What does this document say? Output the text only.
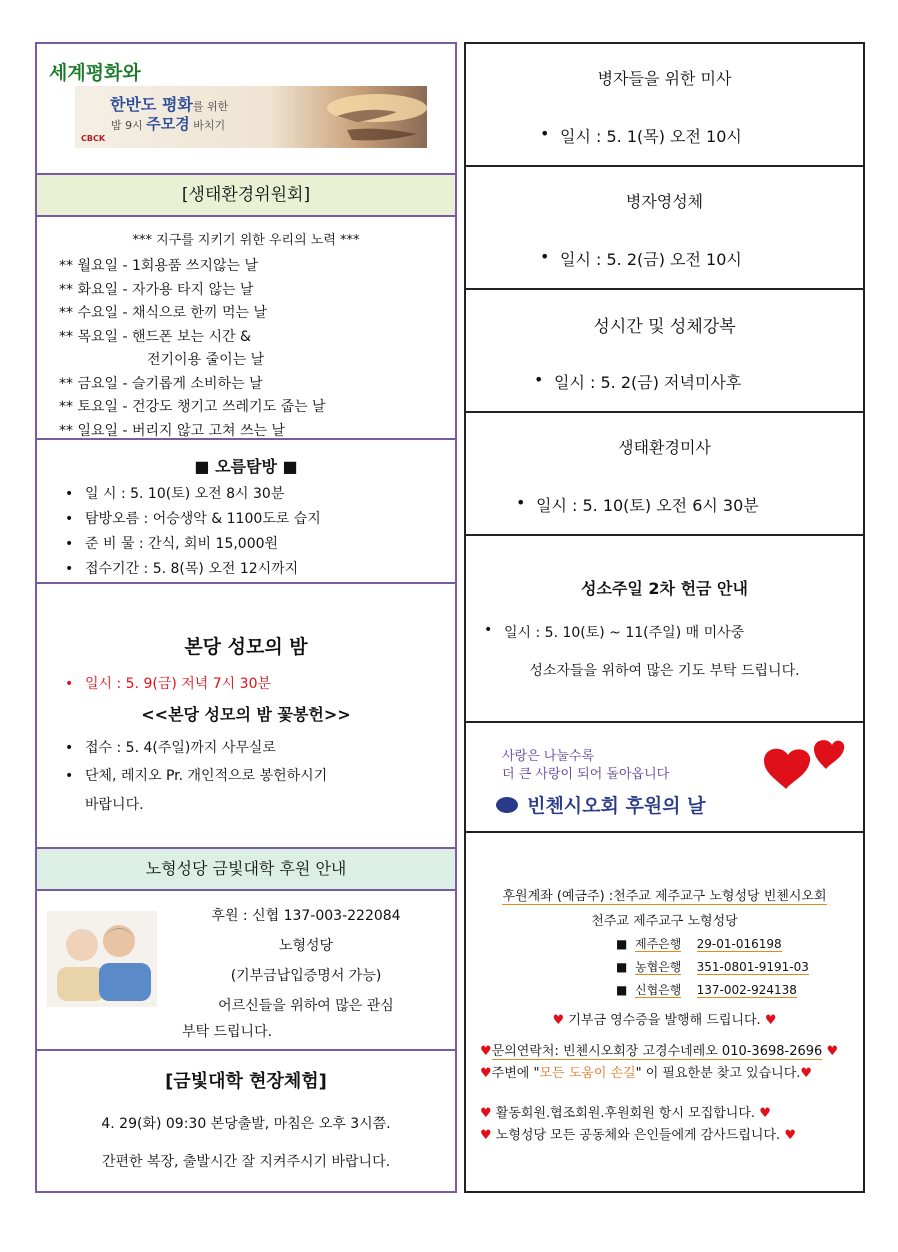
세계평화와
한반도 평화를 위한
밤 9시 주모경 바치기
CBCK
[생태환경위원회]
*** 지구를 지키기 위한 우리의 노력 ***
** 월요일 - 1회용품 쓰지않는 날
** 화요일 - 자가용 타지 않는 날
** 수요일 - 채식으로 한끼 먹는 날
** 목요일 - 핸드폰 보는 시간 &
전기이용 줄이는 날
** 금요일 - 슬기롭게 소비하는 날
** 토요일 - 건강도 챙기고 쓰레기도 줍는 날
** 일요일 - 버리지 않고 고쳐 쓰는 날
■ 오름탐방 ■
• 일 시 : 5. 10(토) 오전 8시 30분
• 탐방오름 : 어승생악 & 1100도로 습지
• 준 비 물 : 간식, 회비 15,000원
• 접수기간 : 5. 8(목) 오전 12시까지
본당 성모의 밤
• 일시 : 5. 9(금) 저녁 7시 30분
<<본당 성모의 밤 꽃봉헌>>
• 접수 : 5. 4(주일)까지 사무실로
• 단체, 레지오 Pr. 개인적으로 봉헌하시기
바랍니다.
노형성당 금빛대학 후원 안내
후원 : 신협 137-003-222084
노형성당
(기부금납입증명서 가능)
어르신들을 위하여 많은 관심
부탁 드립니다.
[금빛대학 현장체험]
4. 29(화) 09:30 본당출발, 마침은 오후 3시쯤.
간편한 복장, 출발시간 잘 지켜주시기 바랍니다.
병자들을 위한 미사
• 일시 : 5. 1(목) 오전 10시
병자영성체
• 일시 : 5. 2(금) 오전 10시
성시간 및 성체강복
• 일시 : 5. 2(금) 저녁미사후
생태환경미사
• 일시 : 5. 10(토) 오전 6시 30분
성소주일 2차 헌금 안내
• 일시 : 5. 10(토) ~ 11(주일) 매 미사중
성소자들을 위하여 많은 기도 부탁 드립니다.
사랑은 나눌수록
더 큰 사랑이 되어 돌아옵니다
빈첸시오회 후원의 날
후원계좌 (예금주) :천주교 제주교구 노형성당 빈첸시오회
천주교 제주교구 노형성당
■ 제주은행 29-01-016198
■ 농협은행 351-0801-9191-03
■ 신협은행 137-002-924138
♥ 기부금 영수증을 발행해 드립니다. ♥
♥문의연락처: 빈첸시오회장 고경수네레오 010-3698-2696 ♥
♥주변에 "모든 도움이 손길" 이 필요한분 찾고 있습니다.♥
♥ 활동회원.협조회원.후원회원 항시 모집합니다. ♥
♥ 노형성당 모든 공동체와 은인들에게 감사드립니다. ♥
